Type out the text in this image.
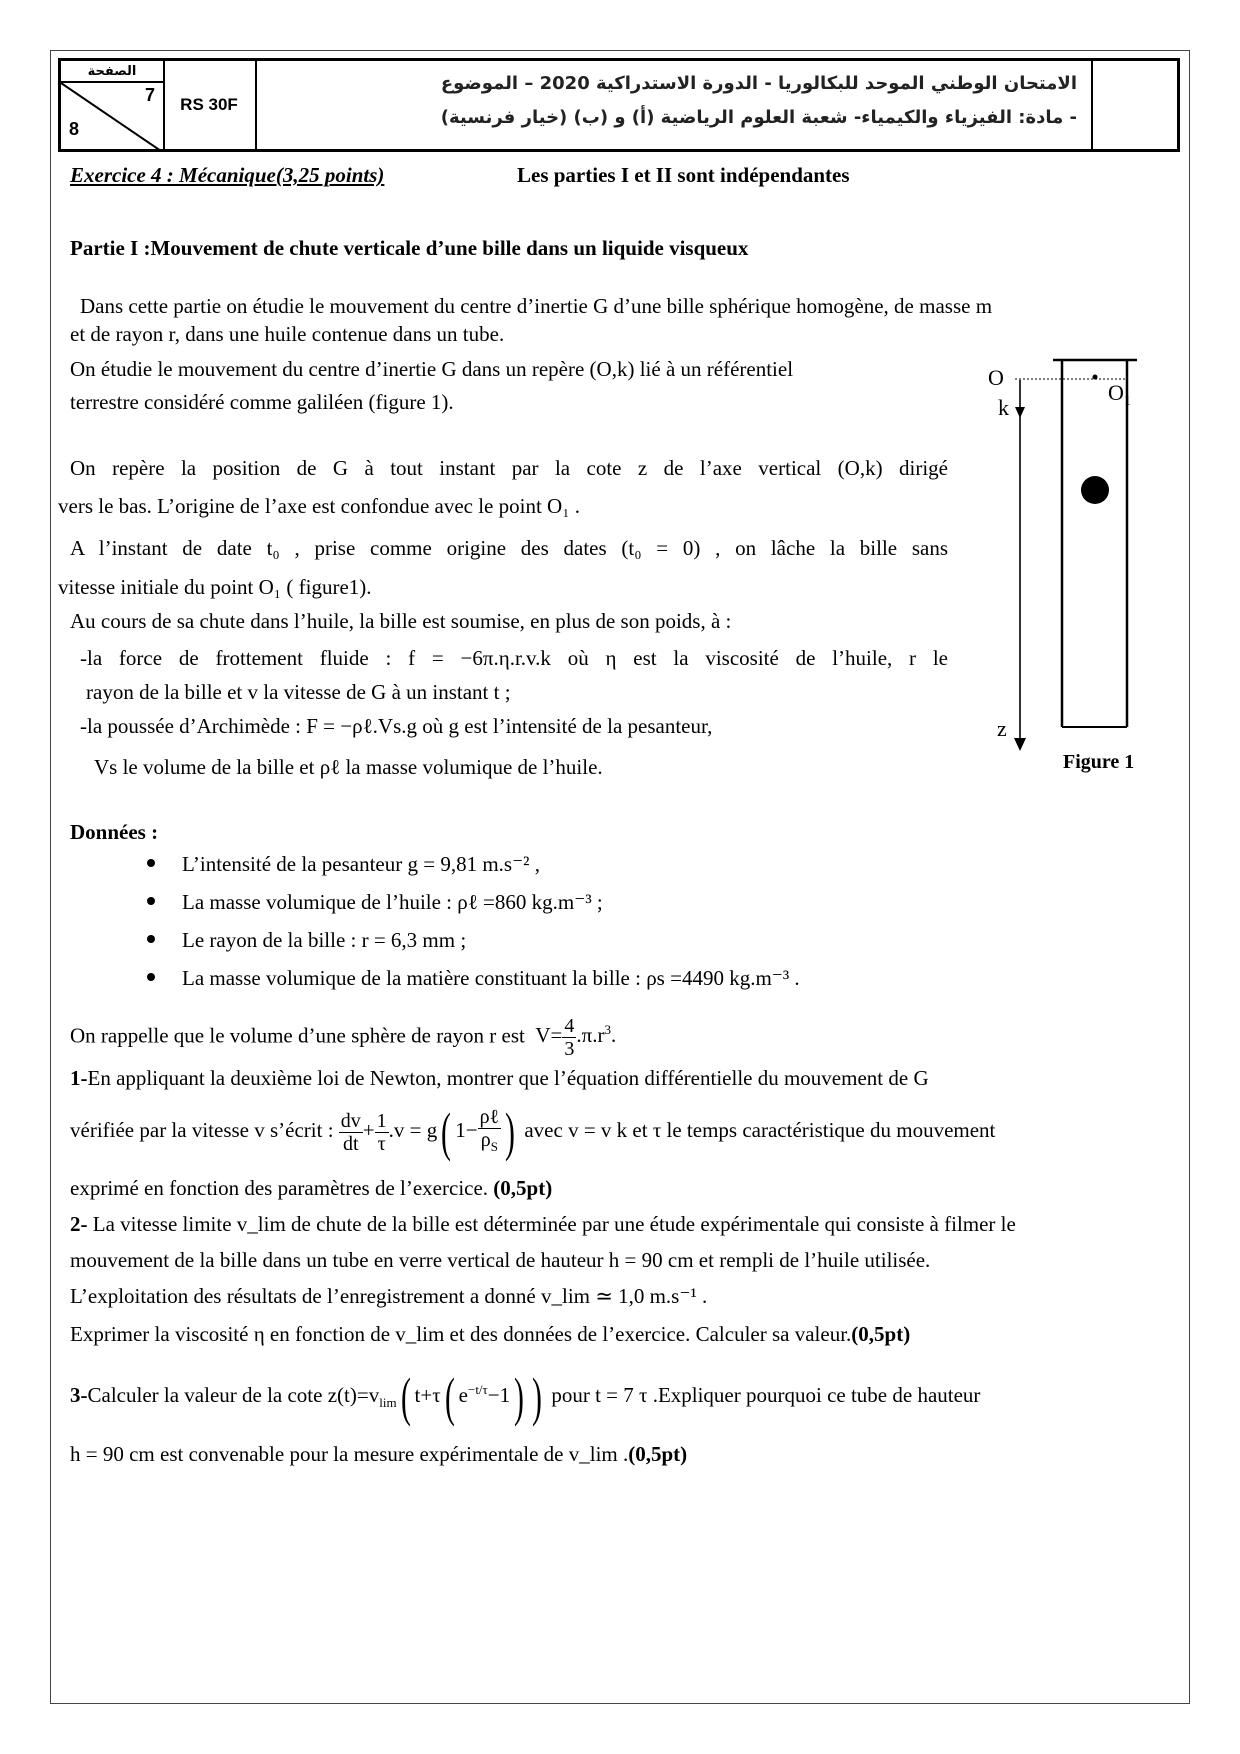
الصفحة
7
8
RS 30F
الامتحان الوطني الموحد للبكالوريا - الدورة الاستدراكية 2020 – الموضوع
- مادة: الفيزياء والكيمياء- شعبة العلوم الرياضية (أ) و (ب) (خيار فرنسية)
Exercice 4 : Mécanique(3,25 points)	Les parties I et II sont indépendantes
Partie I :Mouvement de chute verticale d’une bille dans un liquide visqueux
Dans cette partie on étudie le mouvement du centre d’inertie G d’une bille sphérique homogène, de masse m
et de rayon r, dans une huile contenue dans un tube.
On étudie le mouvement du centre d’inertie G dans un repère (O,k) lié à un référentiel
terrestre considéré comme galiléen (figure 1).
On repère la position de G à tout instant par la cote z de l’axe vertical (O,k) dirigé
vers le bas. L’origine de l’axe est confondue avec le point O₁ .
A l’instant de date t₀ , prise comme origine des dates (t₀ = 0) , on lâche la bille sans
vitesse initiale du point O₁ ( figure1).
Au cours de sa chute dans l’huile, la bille est soumise, en plus de son poids, à :
-la force de frottement fluide : f = −6π.η.r.v.k où η est la viscosité de l’huile, r le
rayon de la bille et v la vitesse de G à un instant t ;
-la poussée d’Archimède : F = −ρℓ.Vs.g où g est l’intensité de la pesanteur,
Vs le volume de la bille et ρℓ la masse volumique de l’huile.
O
k
O₁
z
Figure 1
Données :
L’intensité de la pesanteur g = 9,81 m.s⁻² ,
La masse volumique de l’huile : ρℓ =860 kg.m⁻³ ;
Le rayon de la bille : r = 6,3 mm ;
La masse volumique de la matière constituant la bille : ρs =4490 kg.m⁻³ .
On rappelle que le volume d’une sphère de rayon r est  $V= \frac{4}{3} .\pi.r^3$.
1-En appliquant la deuxième loi de Newton, montrer que l’équation différentielle du mouvement de G
vérifiée par la vitesse v s’écrit : $\frac{dv}{dt} + \frac{1}{\tau} .v = g$( $1- \frac{\text{ρℓ}}{\rho_S}$ ) avec v = v k et τ le temps caractéristique du mouvement
exprimé en fonction des paramètres de l’exercice. (0,5pt)
2- La vitesse limite v_lim de chute de la bille est déterminée par une étude expérimentale qui consiste à filmer le
mouvement de la bille dans un tube en verre vertical de hauteur h = 90 cm et rempli de l’huile utilisée.
L’exploitation des résultats de l’enregistrement a donné v_lim ≃ 1,0 m.s⁻¹ .
Exprimer la viscosité η en fonction de v_lim et des données de l’exercice. Calculer sa valeur.(0,5pt)
3-Calculer la valeur de la cote $z(t)=v_{lim}$( t+τ( $e^{-t/\tau}-1$) ) pour t = 7 τ .Expliquer pourquoi ce tube de hauteur
h = 90 cm est convenable pour la mesure expérimentale de v_lim .(0,5pt)
